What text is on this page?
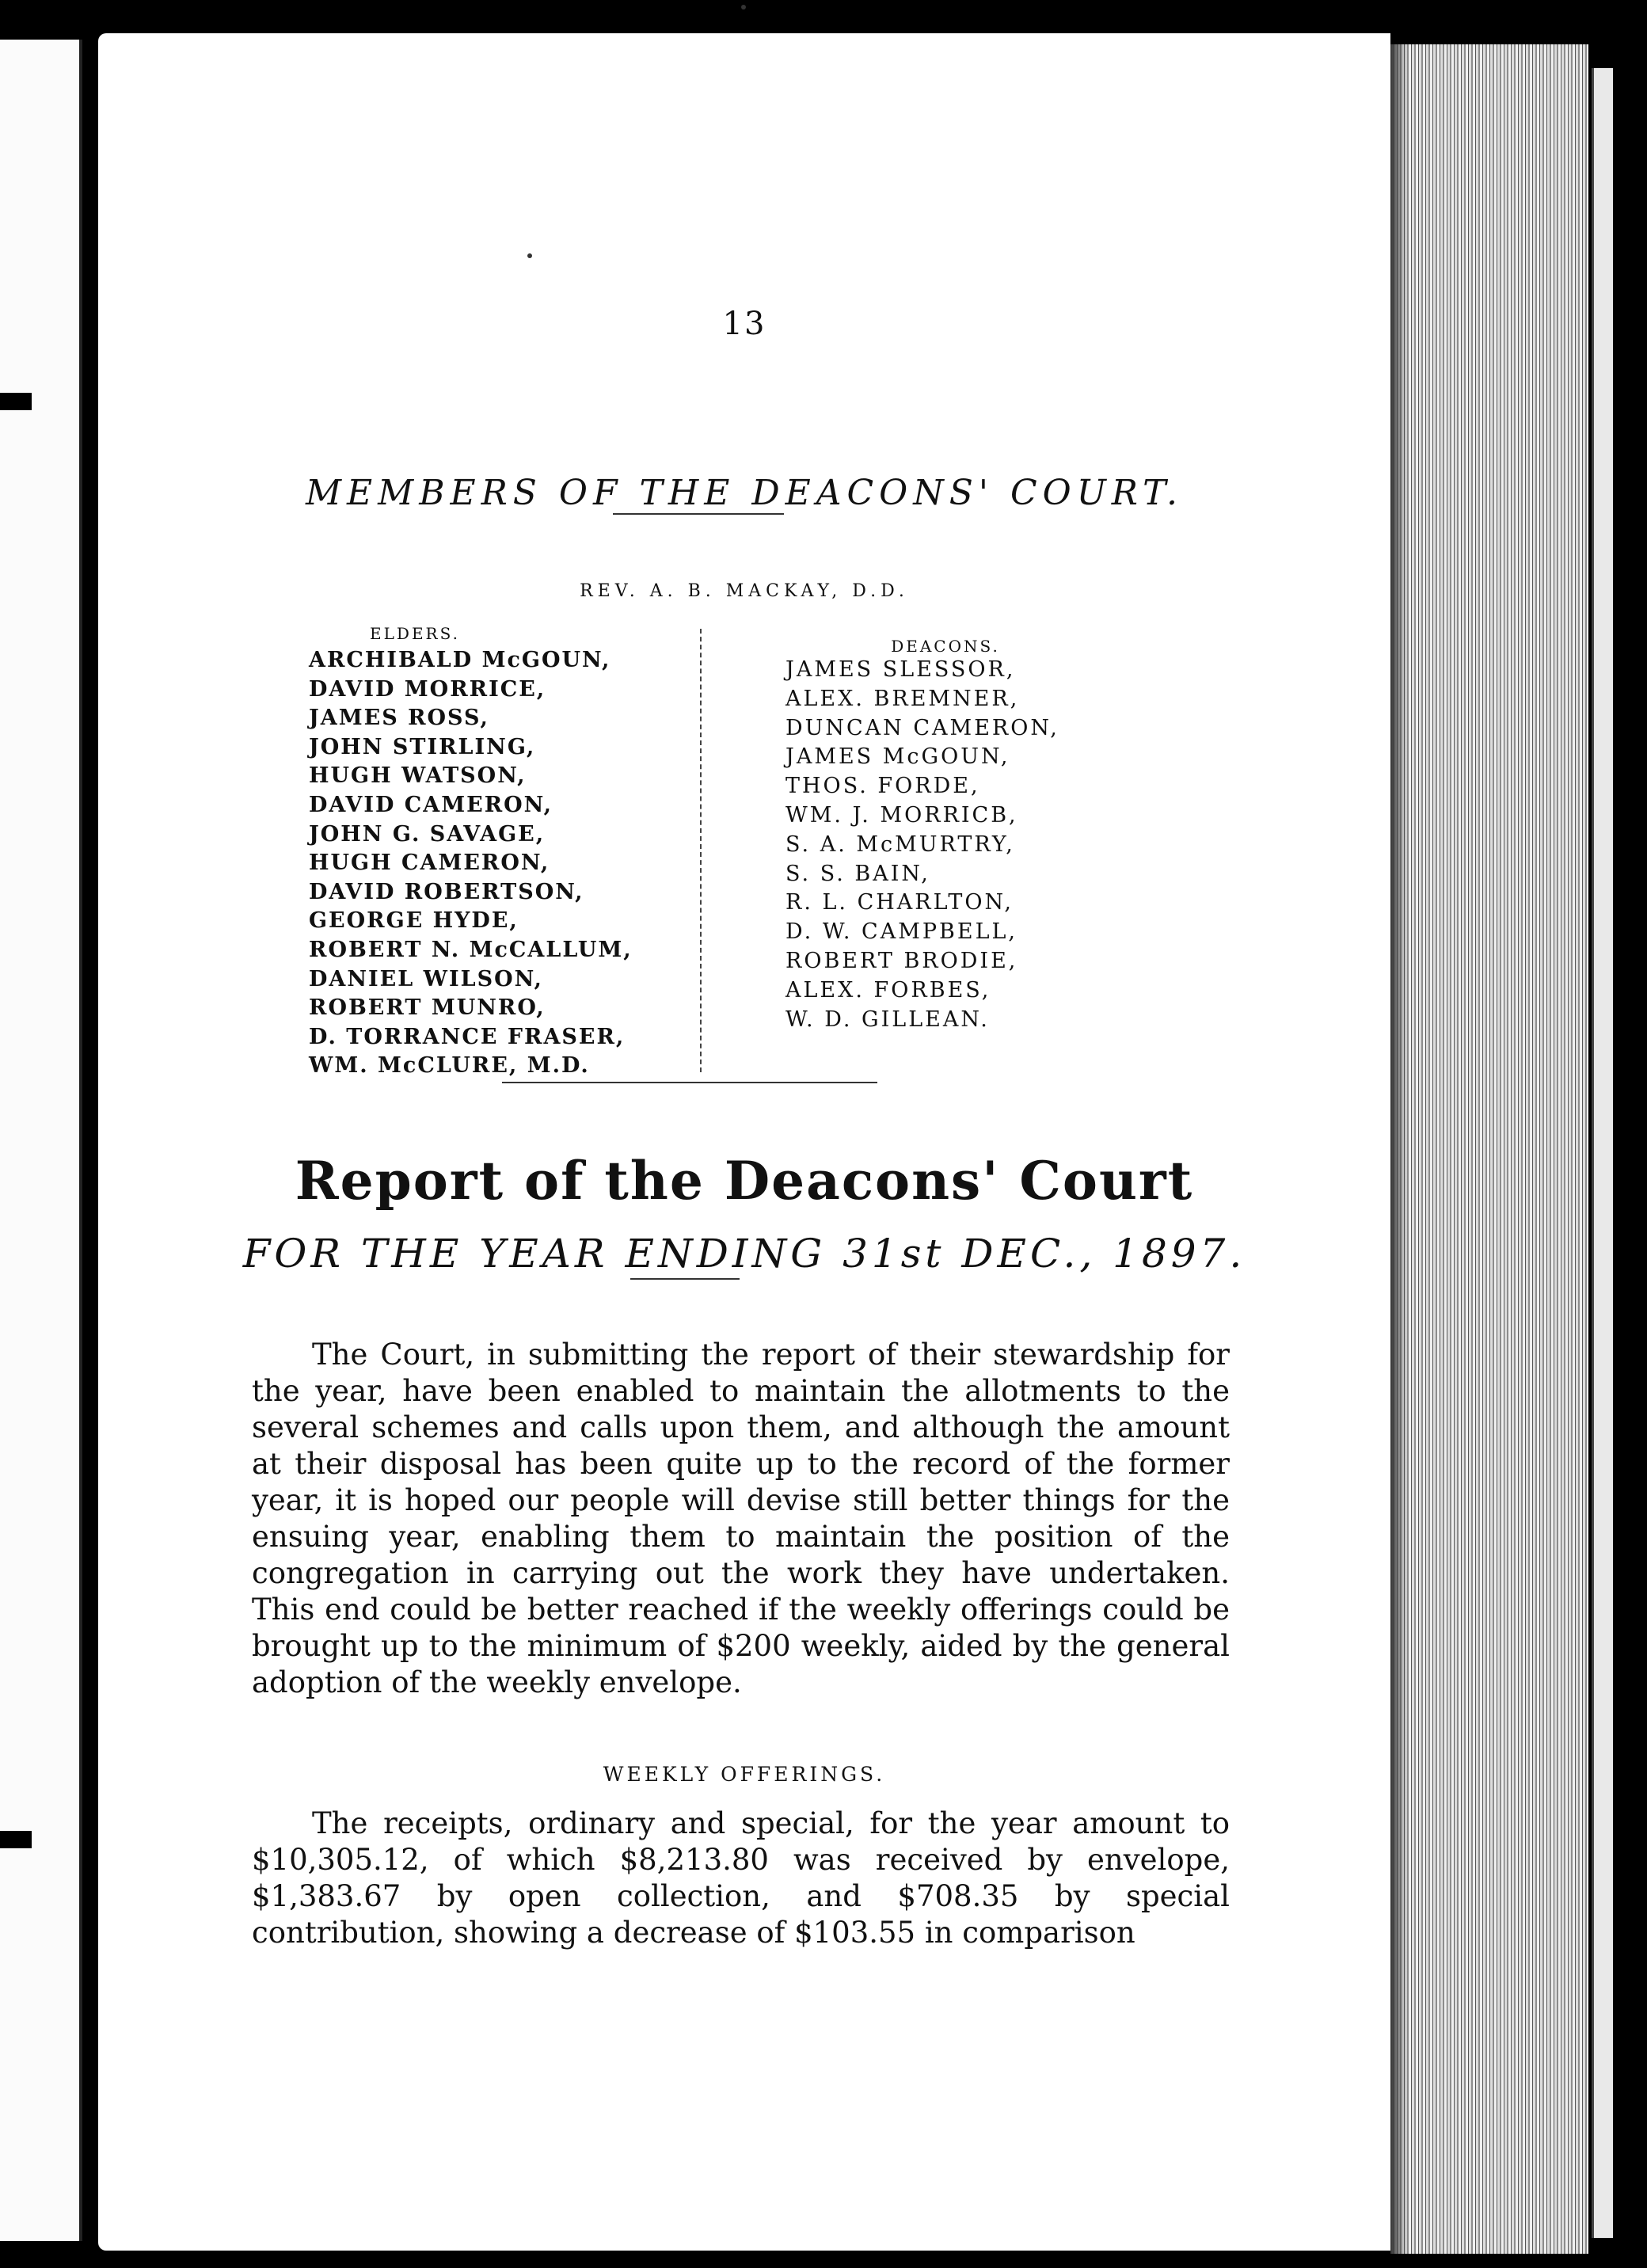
13
MEMBERS OF THE DEACONS' COURT.
REV. A. B. MACKAY, D.D.
ELDERS.
ARCHIBALD McGOUN,
DAVID MORRICE,
JAMES ROSS,
JOHN STIRLING,
HUGH WATSON,
DAVID CAMERON,
JOHN G. SAVAGE,
HUGH CAMERON,
DAVID ROBERTSON,
GEORGE HYDE,
ROBERT N. McCALLUM,
DANIEL WILSON,
ROBERT MUNRO,
D. TORRANCE FRASER,
WM. McCLURE, M.D.
DEACONS.
JAMES SLESSOR,
ALEX. BREMNER,
DUNCAN CAMERON,
JAMES McGOUN,
THOS. FORDE,
WM. J. MORRICB,
S. A. McMURTRY,
S. S. BAIN,
R. L. CHARLTON,
D. W. CAMPBELL,
ROBERT BRODIE,
ALEX. FORBES,
W. D. GILLEAN.
Report of the Deacons' Court
FOR THE YEAR ENDING 31st DEC., 1897.

The Court, in submitting the report of their stewardship for the year, have been enabled to maintain the allotments to the several schemes and calls upon them, and although the amount at their disposal has been quite up to the record of the former year, it is hoped our people will devise still better things for the ensuing year, enabling them to maintain the position of the congregation in carrying out the work they have undertaken. This end could be better reached if the weekly offerings could be brought up to the minimum of $200 weekly, aided by the general adoption of the weekly envelope.

WEEKLY OFFERINGS.

The receipts, ordinary and special, for the year amount to $10,305.12, of which $8,213.80 was received by envelope, $1,383.67 by open collection, and $708.35 by special contribution, showing a decrease of $103.55 in comparison
